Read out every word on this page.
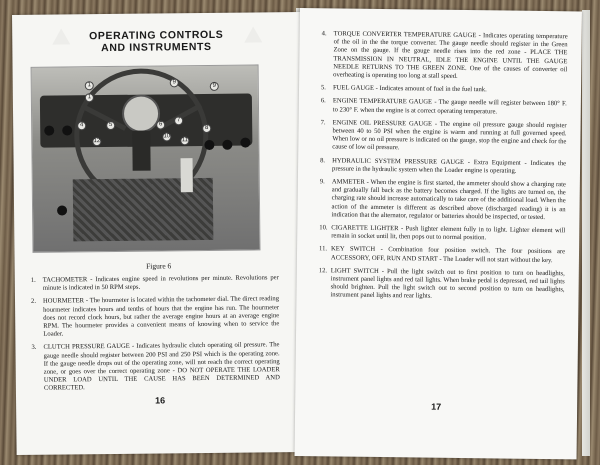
OPERATING CONTROLS
AND INSTRUMENTS
1
1
12
5
4
9
9
6
7
8
10
11
Figure 6
1. TACHOMETER - Indicates engine speed in revolutions per minute. Revolutions per minute is indicated in 50 RPM steps.
2. HOURMETER - The hourmeter is located within the tachometer dial. The direct reading hourmeter indicates hours and tenths of hours that the engine has run. The hourmeter does not record clock hours, but rather the average engine hours at an average engine RPM. The hourmeter provides a convenient means of knowing when to service the Loader.
3. CLUTCH PRESSURE GAUGE - Indicates hydraulic clutch operating oil pressure. The gauge needle should register between 200 PSI and 250 PSI which is the operating zone. If the gauge needle drops out of the operating zone, will not reach the correct operating zone, or goes over the correct operating zone - DO NOT OPERATE THE LOADER UNDER LOAD UNTIL THE CAUSE HAS BEEN DETERMINED AND CORRECTED.
16
4. TORQUE CONVERTER TEMPERATURE GAUGE - Indicates operating temperature of the oil in the the torque converter. The gauge needle should register in the Green Zone on the gauge. If the gauge needle rises into the red zone - PLACE THE TRANSMISSION IN NEUTRAL, IDLE THE ENGINE UNTIL THE GAUGE NEEDLE RETURNS TO THE GREEN ZONE. One of the causes of converter oil overheating is operating too long at stall speed.
5. FUEL GAUGE - Indicates amount of fuel in the fuel tank.
6. ENGINE TEMPERATURE GAUGE - The gauge needle will register between 180° F. to 230° F. when the engine is at correct operating temperature.
7. ENGINE OIL PRESSURE GAUGE - The engine oil pressure gauge should register between 40 to 50 PSI when the engine is warm and running at full governed speed. When low or no oil pressure is indicated on the gauge, stop the engine and check for the cause of low oil pressure.
8. HYDRAULIC SYSTEM PRESSURE GAUGE - Extra Equipment - Indicates the pressure in the hydraulic system when the Loader engine is operating.
9. AMMETER - When the engine is first started, the ammeter should show a charging rate and gradually fall back as the battery becomes charged. If the lights are turned on, the charging rate should increase automatically to take care of the additional load. When the action of the ammeter is different as described above (discharged reading) it is an indication that the alternator, regulator or batteries should be inspected, or tested.
10. CIGARETTE LIGHTER - Push lighter element fully in to light. Lighter element will remain in socket until lit, then pops out to normal position.
11. KEY SWITCH - Combination four position switch. The four positions are ACCESSORY, OFF, RUN AND START - The Loader will not start without the key.
12. LIGHT SWITCH - Pull the light switch out to first position to turn on headlights, instrument panel lights and red tail lights. When brake pedal is depressed, red tail lights should brighten. Pull the light switch out to second position to turn on headlights, instrument panel lights and rear lights.
17
